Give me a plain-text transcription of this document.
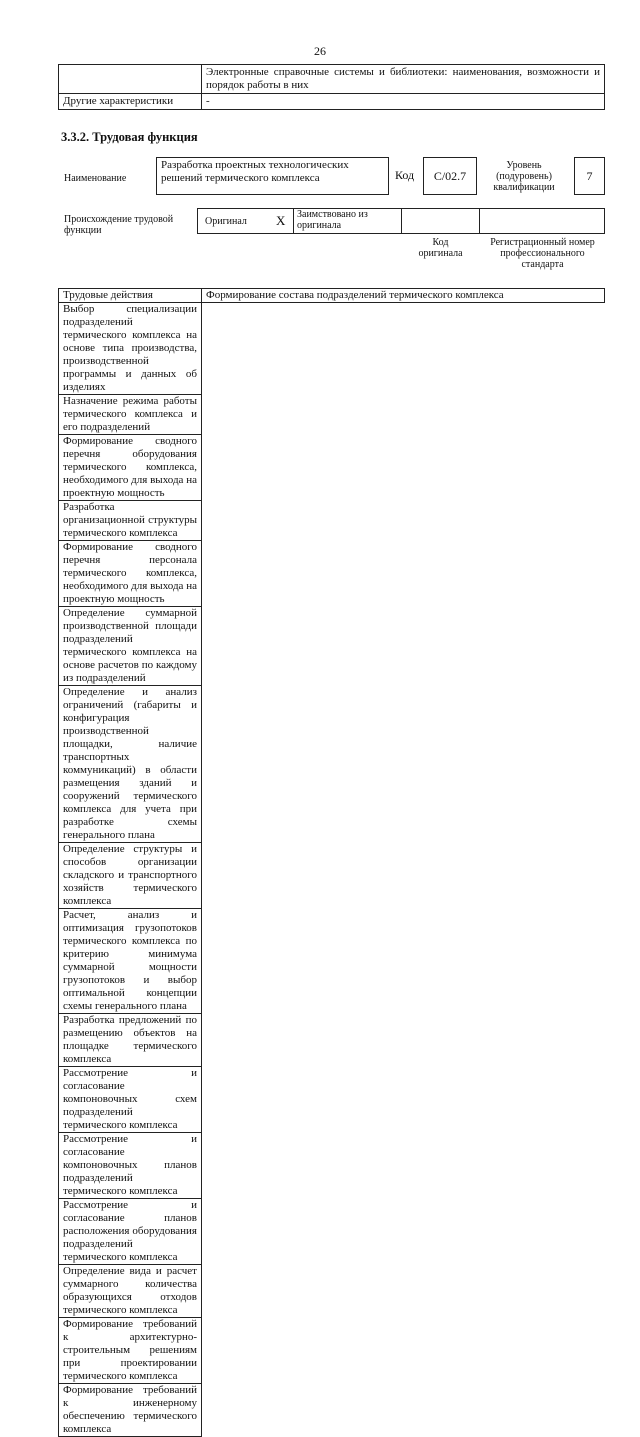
26
	Электронные справочные системы и библиотеки: наименования, возможности и порядок работы в них
Другие характеристики	-
3.3.2. Трудовая функция
Наименование
Разработка проектных технологических решений термического комплекса	Код C/02.7
Уровень (подуровень) квалификации
7
Происхождение трудовой функции
Оригинал X Заимствовано из оригинала
Код оригинала
Регистрационный номер профессионального стандарта
Трудовые действия	Формирование состава подразделений термического комплекса
Выбор специализации подразделений термического комплекса на основе типа производства, производственной программы и данных об изделиях
Назначение режима работы термического комплекса и его подразделений
Формирование сводного перечня оборудования термического комплекса, необходимого для выхода на проектную мощность
Разработка организационной структуры термического комплекса
Формирование сводного перечня персонала термического комплекса, необходимого для выхода на проектную мощность
Определение суммарной производственной площади подразделений термического комплекса на основе расчетов по каждому из подразделений
Определение и анализ ограничений (габариты и конфигурация производственной площадки, наличие транспортных коммуникаций) в области размещения зданий и сооружений термического комплекса для учета при разработке схемы генерального плана
Определение структуры и способов организации складского и транспортного хозяйств термического комплекса
Расчет, анализ и оптимизация грузопотоков термического комплекса по критерию минимума суммарной мощности грузопотоков и выбор оптимальной концепции схемы генерального плана
Разработка предложений по размещению объектов на площадке термического комплекса
Рассмотрение и согласование компоновочных схем подразделений термического комплекса
Рассмотрение и согласование компоновочных планов подразделений термического комплекса
Рассмотрение и согласование планов расположения оборудования подразделений термического комплекса
Определение вида и расчет суммарного количества образующихся отходов термического комплекса
Формирование требований к архитектурно-строительным решениям при проектировании термического комплекса
Формирование требований к инженерному обеспечению термического комплекса
